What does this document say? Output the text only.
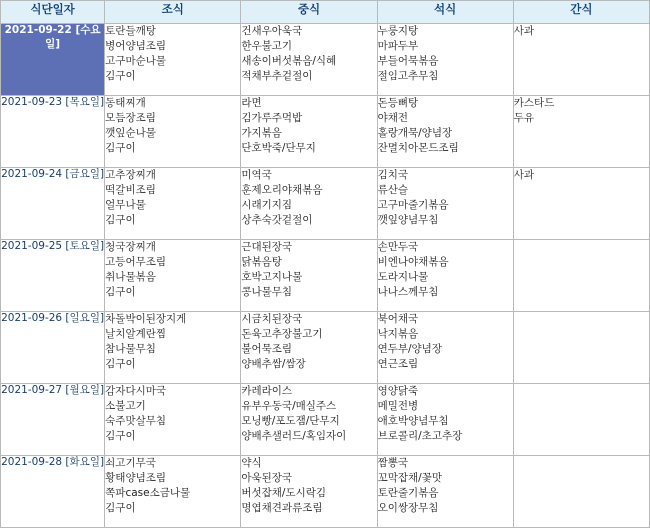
식단일자	조식	중식	석식	간식
2021-09-22 [수요일]	토란들깨탕
병어양념조림
고구마순나물
김구이	건새우아욱국
한우불고기
새송이버섯볶음/식혜
적채부추겉절이	누룽지탕
마파두부
부들어묵볶음
절임고추무침	사과

2021-09-23 [목요일]	동태찌개
모듬장조림
깻잎순나물
김구이	라면
김가루주먹밥
가지볶음
단호박죽/단무지	돈등뼈탕
야채전
홀랑개묵/양념장
잔멸치아몬드조림	카스타드
두유

2021-09-24 [금요일]	고추장찌개
떡갈비조림
얼무나물
김구이	미역국
훈제오리야채볶음
시래기지짐
상추숙갓겉절이	김치국
류산슬
고구마줄기볶음
깻잎양념무침	사과

2021-09-25 [토요일]	청국장찌개
고등어무조림
취나물볶음
김구이	근대된장국
닭볶음탕
호박고지나물
콩나물무침	손만두국
비엔나야채볶음
도라지나물
나나스께무침	

2021-09-26 [일요일]	차돌박이된장지게
날치알계란찜
참나물무침
김구이	시금치된장국
돈육고추장불고기
불어묵조림
양배추쌈/쌈장	북어채국
낙지볶음
연두부/양념장
연근조림	

2021-09-27 [월요일]	감자다시마국
소불고기
숙주맛살무침
김구이	카레라이스
유부우동국/매실주스
모닝빵/포도잼/단무지
양배추샐러드/혹임자이	영양닭죽
메밀전병
애호박양념무침
브로콜리/초고추장	

2021-09-28 [화요일]	쇠고기무국
황태양념조림
쪽파case소금나물
김구이	약식
아욱된장국
버섯잡채/도시락김
명엽채견과류조림	짬뽕국
꼬막잡채/꽃맛
토란줄기볶음
오이쌍장무침	
